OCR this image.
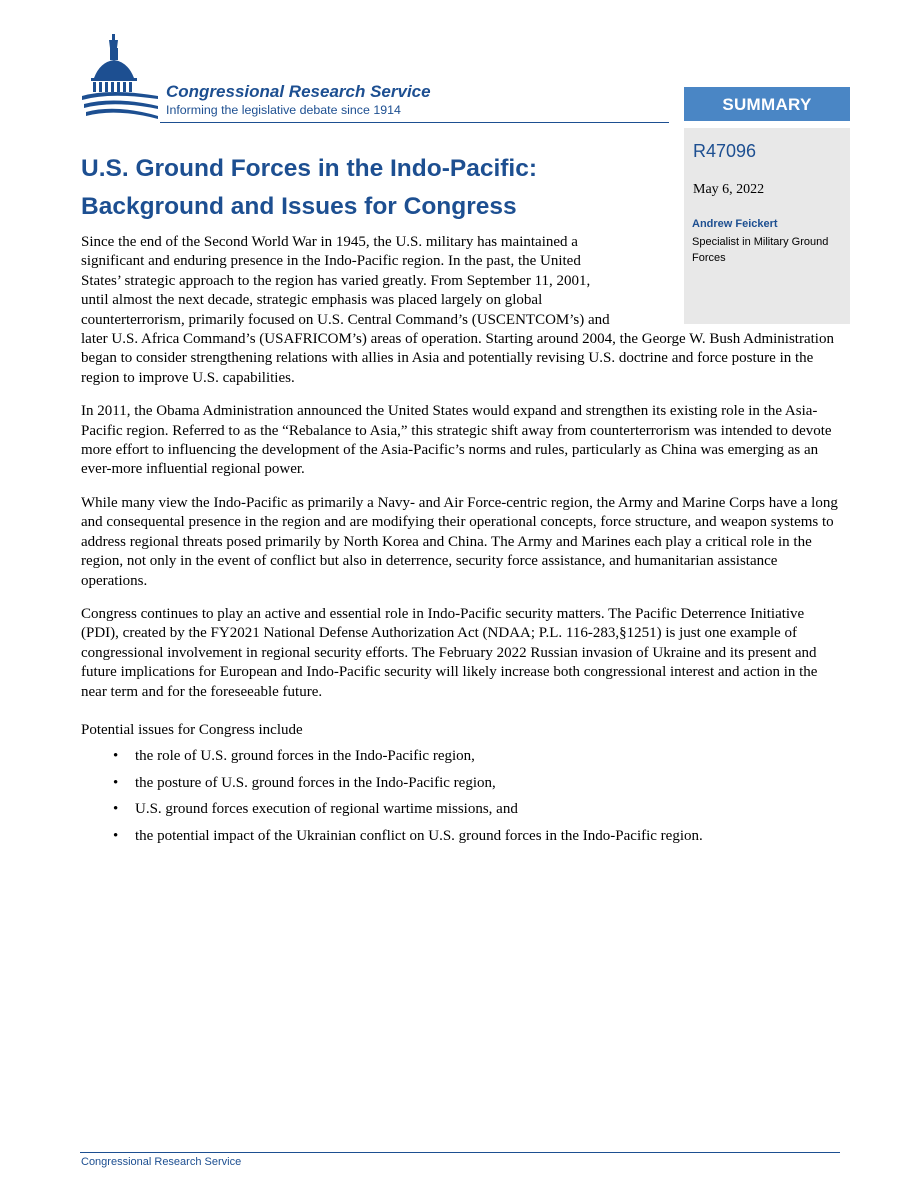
Congressional Research Service
Informing the legislative debate since 1914	SUMMARY
R47096
May 6, 2022
Andrew Feickert
Specialist in Military Ground Forces
U.S. Ground Forces in the Indo-Pacific:
Background and Issues for Congress

Since the end of the Second World War in 1945, the U.S. military has maintained a
significant and enduring presence in the Indo-Pacific region. In the past, the United
States’ strategic approach to the region has varied greatly. From September 11, 2001,
until almost the next decade, strategic emphasis was placed largely on global
counterterrorism, primarily focused on U.S. Central Command’s (USCENTCOM’s) and
later U.S. Africa Command’s (USAFRICOM’s) areas of operation. Starting around 2004, the George W. Bush Administration began to consider strengthening relations with allies in Asia and potentially revising U.S. doctrine and force posture in the region to improve U.S. capabilities.

In 2011, the Obama Administration announced the United States would expand and strengthen its existing role in the Asia-Pacific region. Referred to as the “Rebalance to Asia,” this strategic shift away from counterterrorism was intended to devote more effort to influencing the development of the Asia-Pacific’s norms and rules, particularly as China was emerging as an ever-more influential regional power.

While many view the Indo-Pacific as primarily a Navy- and Air Force-centric region, the Army and Marine Corps have a long and consequental presence in the region and are modifying their operational concepts, force structure, and weapon systems to address regional threats posed primarily by North Korea and China. The Army and Marines each play a critical role in the region, not only in the event of conflict but also in deterrence, security force assistance, and humanitarian assistance operations.

Congress continues to play an active and essential role in Indo-Pacific security matters. The Pacific Deterrence Initiative (PDI), created by the FY2021 National Defense Authorization Act (NDAA; P.L. 116-283,§1251) is just one example of congressional involvement in regional security efforts. The February 2022 Russian invasion of Ukraine and its present and future implications for European and Indo-Pacific security will likely increase both congressional interest and action in the near term and for the foreseeable future.

Potential issues for Congress include

• the role of U.S. ground forces in the Indo-Pacific region,
• the posture of U.S. ground forces in the Indo-Pacific region,
• U.S. ground forces execution of regional wartime missions, and
• the potential impact of the Ukrainian conflict on U.S. ground forces in the Indo-Pacific region.
Congressional Research Service
